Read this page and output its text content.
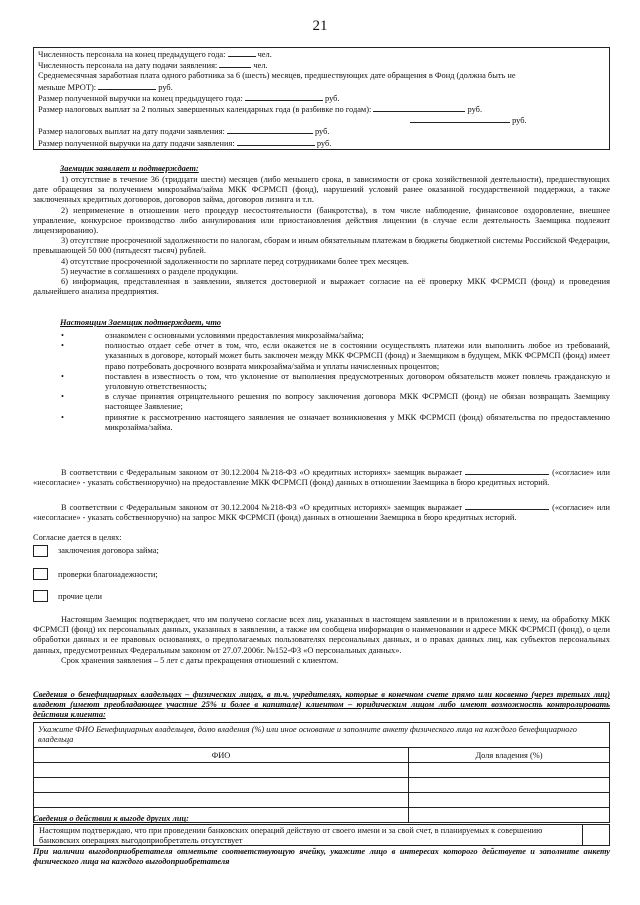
21
Численность персонала на конец предыдущего года:	чел.
Численность персонала на дату подачи заявления:	чел.
Среднемесячная заработная плата одного работника за 6 (шесть) месяцев, предшествующих дате обращения в Фонд (должна быть не
меньше МРОТ):	руб.
Размер полученной выручки на конец предыдущего года:	руб.
Размер налоговых выплат за 2 полных завершенных календарных года (в разбивке по годам):	руб.
руб.
Размер налоговых выплат на дату подачи заявления:	руб.
Размер полученной выручки на дату подачи заявления:	руб.
Заемщик заявляет и подтверждает:

1) отсутствие в течение 36 (тридцати шести) месяцев (либо меньшего срока, в зависимости от срока хозяйственной деятельности), предшествующих дате обращения за получением микрозайма/займа МКК ФСРМСП (фонд), нарушений условий ранее оказанной государственной поддержки, а также заключенных кредитных договоров, договоров займа, договоров лизинга и т.п.

2) неприменение в отношении него процедур несостоятельности (банкротства), в том числе наблюдение, финансовое оздоровление, внешнее управление, конкурсное производство либо аннулирования или приостановления действия лицензии (в случае если деятельность Заемщика подлежит лицензированию).

3) отсутствие просроченной задолженности по налогам, сборам и иным обязательным платежам в бюджеты бюджетной системы Российской Федерации, превышающей 50 000 (пятьдесят тысяч) рублей.

4) отсутствие просроченной задолженности по зарплате перед сотрудниками более трех месяцев.

5) неучастие в соглашениях о разделе продукции.

6) информация, представленная в заявлении, является достоверной и выражает согласие на её проверку МКК ФСРМСП (фонд) и проведения дальнейшего анализа предприятия.

Настоящим Заемщик подтверждает, что
• ознакомлен с основными условиями предоставления микрозайма/займа;
• полностью отдает себе отчет в том, что, если окажется не в состоянии осуществлять платежи или выполнить любое из требований, указанных в договоре, который может быть заключен между МКК ФСРМСП (фонд) и Заемщиком в будущем, МКК ФСРМСП (фонд) имеет право потребовать досрочного возврата микрозайма/займа и уплаты начисленных процентов;
• поставлен в известность о том, что уклонение от выполнения предусмотренных договором обязательств может повлечь гражданскую и уголовную ответственность;
• в случае принятия отрицательного решения по вопросу заключения договора МКК ФСРМСП (фонд) не обязан возвращать Заемщику настоящее Заявление;
• принятие к рассмотрению настоящего заявления не означает возникновения у МКК ФСРМСП (фонд) обязательства по предоставлению микрозайма/займа.

В соответствии с Федеральным законом от 30.12.2004 №218-ФЗ «О кредитных историях» заемщик выражает	(«согласие» или «несогласие» - указать собственноручно) на предоставление МКК ФСРМСП (фонд) данных в отношении Заемщика в бюро кредитных историй.

В соответствии с Федеральным законом от 30.12.2004 №218-ФЗ «О кредитных историях» заемщик выражает	(«согласие» или «несогласие» - указать собственноручно) на запрос МКК ФСРМСП (фонд) данных в отношении Заемщика в бюро кредитных историй.

Согласие дается в целях:
заключения договора займа;
проверки благонадежности;
прочие цели

Настоящим Заемщик подтверждает, что им получено согласие всех лиц, указанных в настоящем заявлении и в приложении к нему, на обработку МКК ФСРМСП (фонд) их персональных данных, указанных в заявлении, а также им сообщена информация о наименовании и адресе МКК ФСРМСП (фонд), о цели обработки данных и ее правовых основаниях, о предполагаемых пользователях персональных данных, и о правах данных лиц, как субъектов персональных данных, предусмотренных Федеральным законом от 27.07.2006г. №152-ФЗ «О персональных данных».

Срок хранения заявления – 5 лет с даты прекращения отношений с клиентом.

Сведения о бенефициарных владельцах – физических лицах, в т.ч. учредителях, которые в конечном счете прямо или косвенно (через третьих лиц) владеют (имеют преобладающее участие 25% и более в капитале) клиентом – юридическим лицом либо имеют возможность контролировать действия клиента:
Укажите ФИО Бенефициарных владельцев, долю владения (%) или иное основание и заполните анкету физического лица на каждого бенефициарного владельца	
ФИО	Доля владения (%)

Сведения о действии к выгоде других лиц:
Настоящим подтверждаю, что при проведении банковских операций действую от своего имени и за свой счет, в планируемых к совершению банковских операциях выгодоприобретатель отсутствует
При наличии выгодоприобретателя отметьте соответствующую ячейку, укажите лицо в интересах которого действуете и заполните анкету физического лица на каждого выгодоприобретателя
